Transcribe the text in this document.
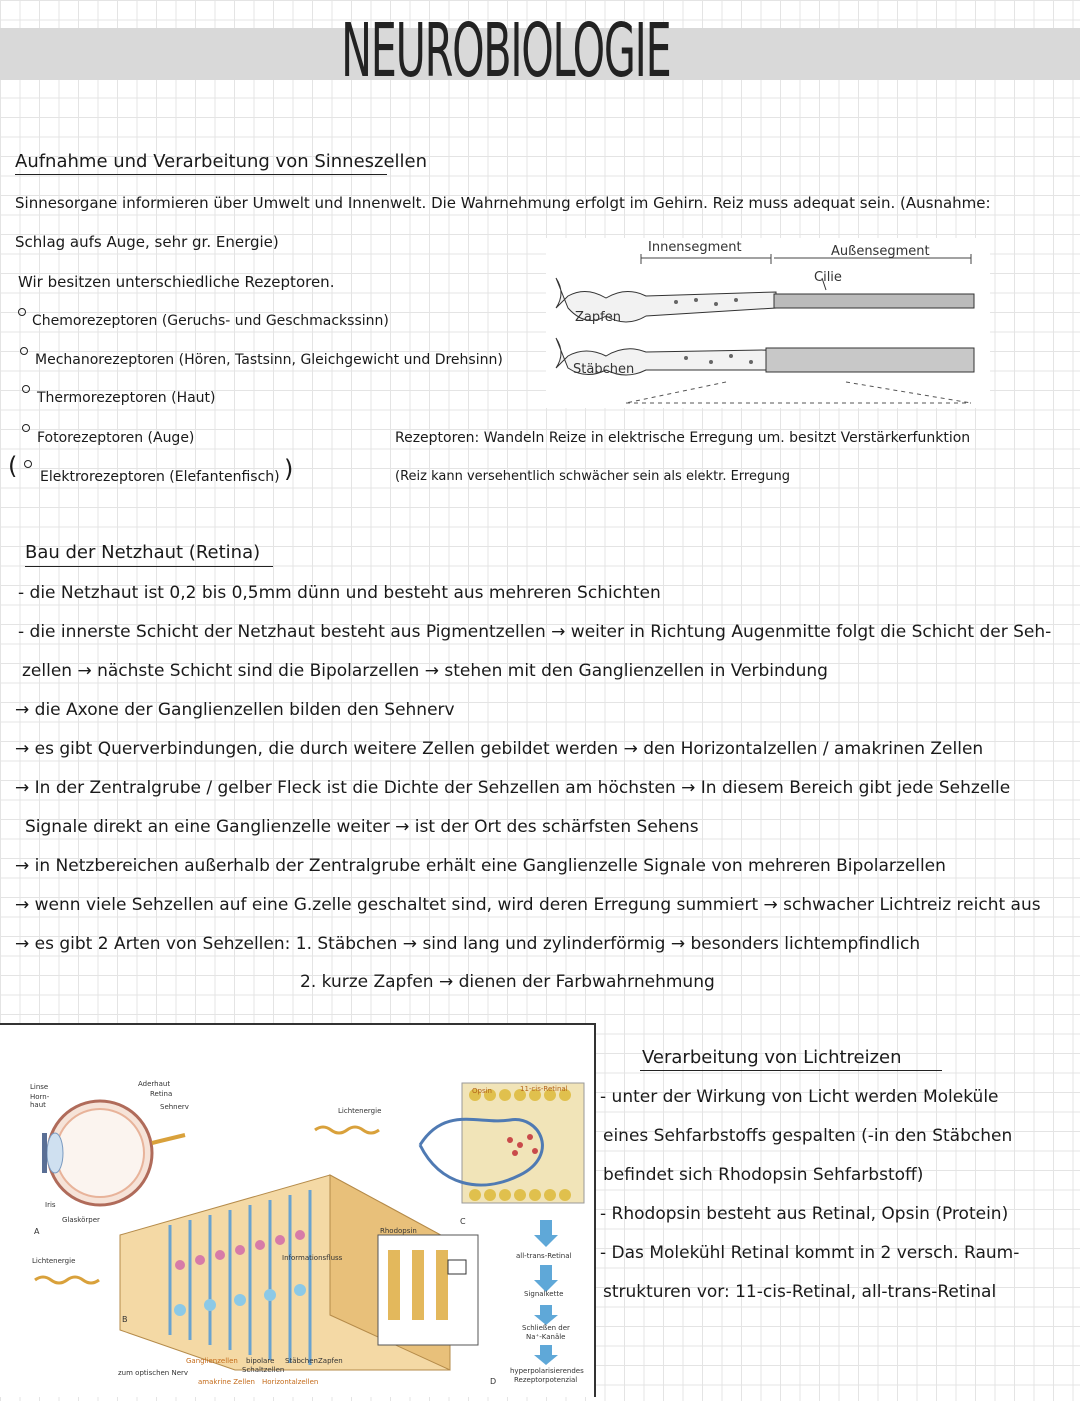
NEUROBIOLOGIE
Aufnahme und Verarbeitung von Sinneszellen
Sinnesorgane informieren über Umwelt und Innenwelt. Die Wahrnehmung erfolgt im Gehirn. Reiz muss adequat sein. (Ausnahme:
Schlag aufs Auge, sehr gr. Energie)
Wir besitzen unterschiedliche Rezeptoren.
Chemorezeptoren (Geruchs- und Geschmackssinn)
Mechanorezeptoren (Hören, Tastsinn, Gleichgewicht und Drehsinn)
Thermorezeptoren (Haut)
Fotorezeptoren (Auge)
( Elektrorezeptoren (Elefantenfisch) )
Rezeptoren: Wandeln Reize in elektrische Erregung um. besitzt Verstärkerfunktion
(Reiz kann versehentlich schwächer sein als elektr. Erregung
Innensegment	Außensegment
Cilie
Zapfen
Stäbchen
Bau der Netzhaut (Retina)
- die Netzhaut ist 0,2 bis 0,5mm dünn und besteht aus mehreren Schichten
- die innerste Schicht der Netzhaut besteht aus Pigmentzellen → weiter in Richtung Augenmitte folgt die Schicht der Seh-
zellen → nächste Schicht sind die Bipolarzellen → stehen mit den Ganglienzellen in Verbindung
→ die Axone der Ganglienzellen bilden den Sehnerv
→ es gibt Querverbindungen, die durch weitere Zellen gebildet werden → den Horizontalzellen / amakrinen Zellen
→ In der Zentralgrube / gelber Fleck ist die Dichte der Sehzellen am höchsten → In diesem Bereich gibt jede Sehzelle
Signale direkt an eine Ganglienzelle weiter → ist der Ort des schärfsten Sehens
→ in Netzbereichen außerhalb der Zentralgrube erhält eine Ganglienzelle Signale von mehreren Bipolarzellen
→ wenn viele Sehzellen auf eine G.zelle geschaltet sind, wird deren Erregung summiert → schwacher Lichtreiz reicht aus
→ es gibt 2 Arten von Sehzellen: 1. Stäbchen → sind lang und zylinderförmig → besonders lichtempfindlich
2. kurze Zapfen → dienen der Farbwahrnehmung
Linse
Horn-
haut
Aderhaut
Retina
Sehnerv
Iris
Glaskörper
A
B
C
D
Lichtenergie
Lichtenergie	Informationsfluss
zum optischen Nerv
Ganglienzellen bipolare
Schaltzellen
Stäbchen Zapfen
amakrine Zellen Horizontalzellen
Rhodopsin
Opsin	11-cis-Retinal
all-trans-Retinal
Signalkette
Schließen der
Na⁺-Kanäle
hyperpolarisierendes
Rezeptorpotenzial
Verarbeitung von Lichtreizen
- unter der Wirkung von Licht werden Moleküle
eines Sehfarbstoffs gespalten (-in den Stäbchen
befindet sich Rhodopsin Sehfarbstoff)
- Rhodopsin besteht aus Retinal, Opsin (Protein)
- Das Molekühl Retinal kommt in 2 versch. Raum-
strukturen vor: 11-cis-Retinal, all-trans-Retinal
